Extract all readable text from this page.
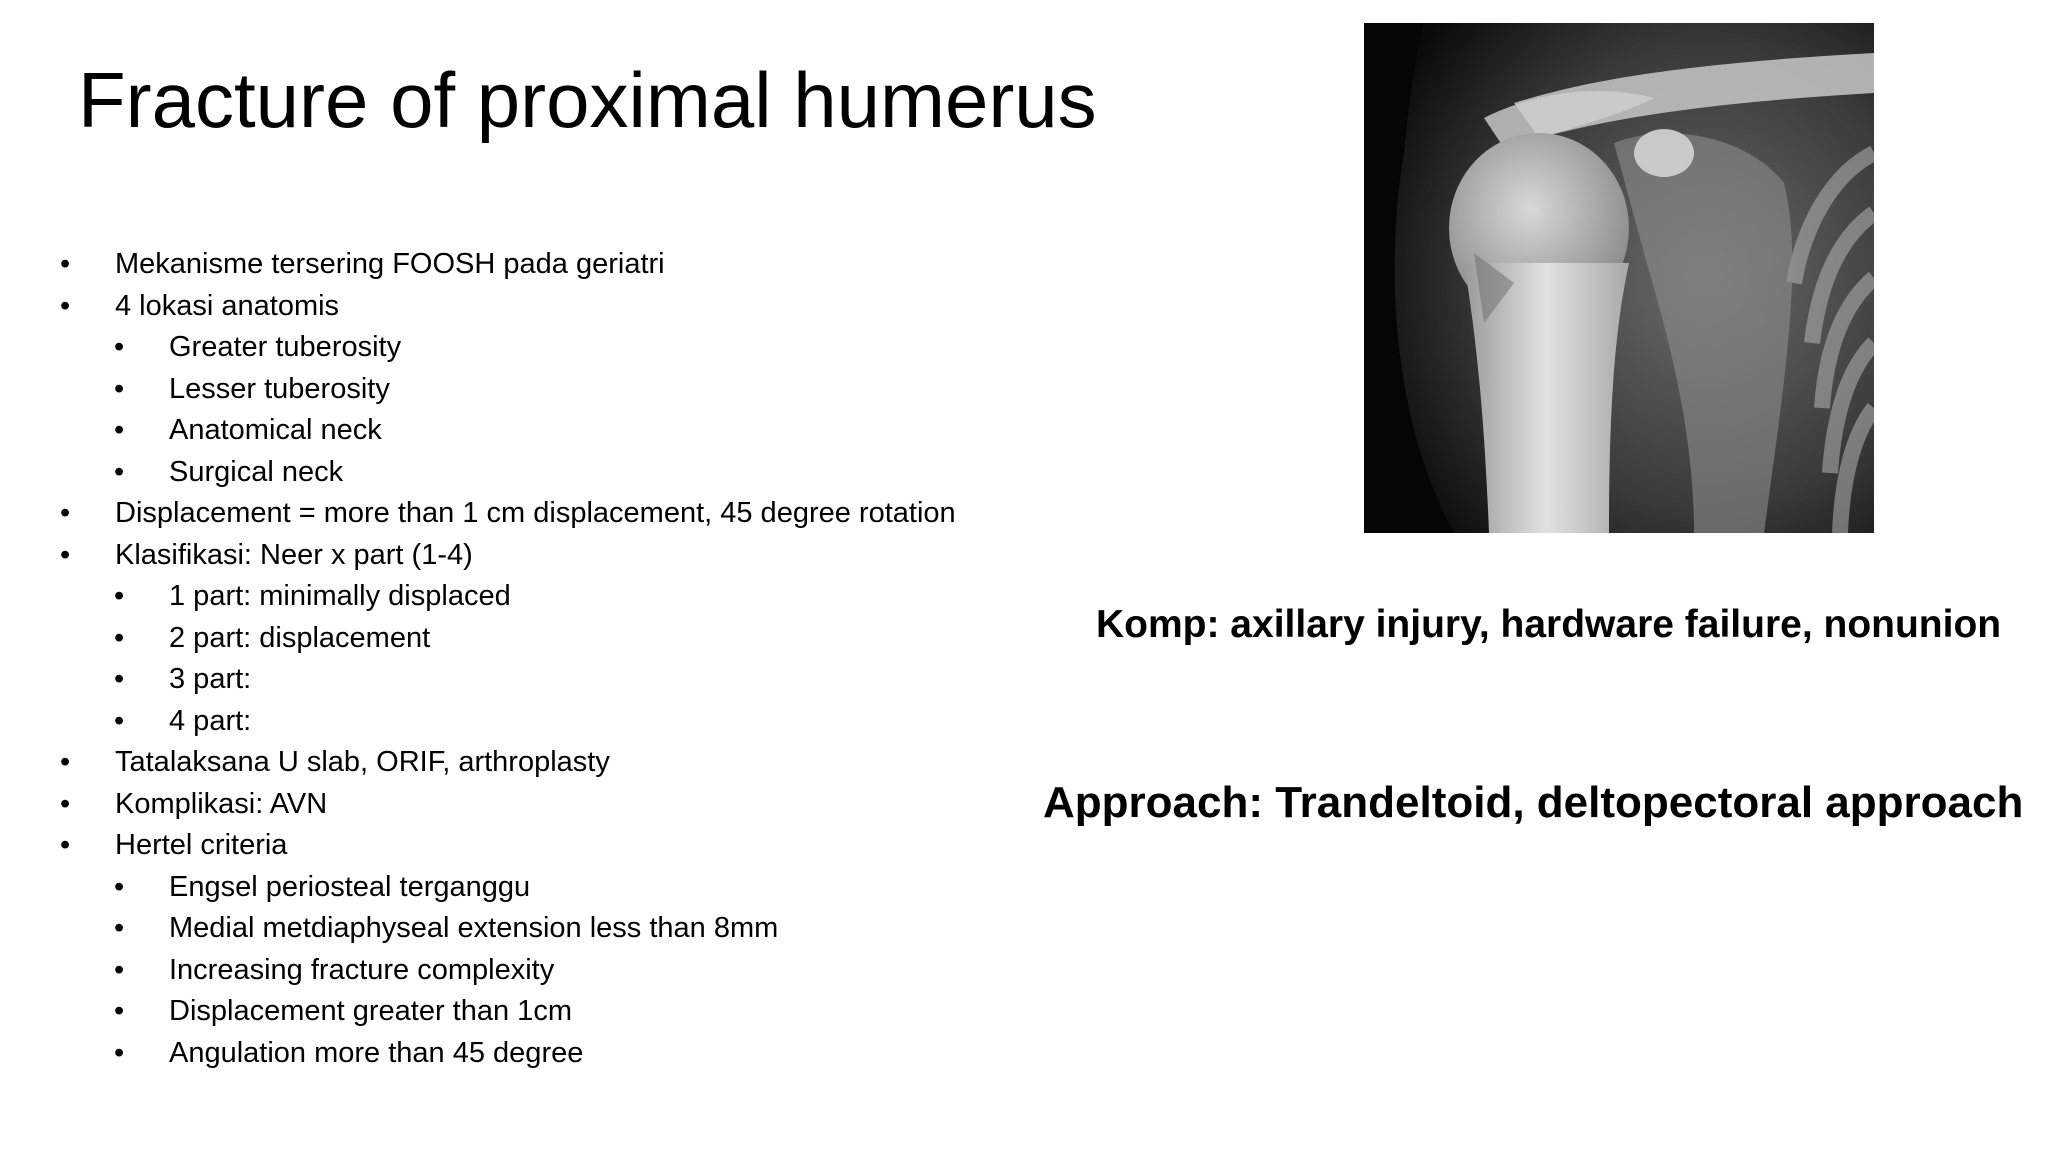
Fracture of proximal humerus
• Mekanisme tersering FOOSH pada geriatri
• 4 lokasi anatomis
• Greater tuberosity
• Lesser tuberosity
• Anatomical neck
• Surgical neck
• Displacement = more than 1 cm displacement, 45 degree rotation
• Klasifikasi: Neer x part (1-4)
• 1 part: minimally displaced
• 2 part: displacement
• 3 part:
• 4 part:
• Tatalaksana U slab, ORIF, arthroplasty
• Komplikasi: AVN
• Hertel criteria
• Engsel periosteal terganggu
• Medial metdiaphyseal extension less than 8mm
• Increasing fracture complexity
• Displacement greater than 1cm
• Angulation more than 45 degree

Komp: axillary injury, hardware failure, nonunion

Approach: Trandeltoid, deltopectoral approach
